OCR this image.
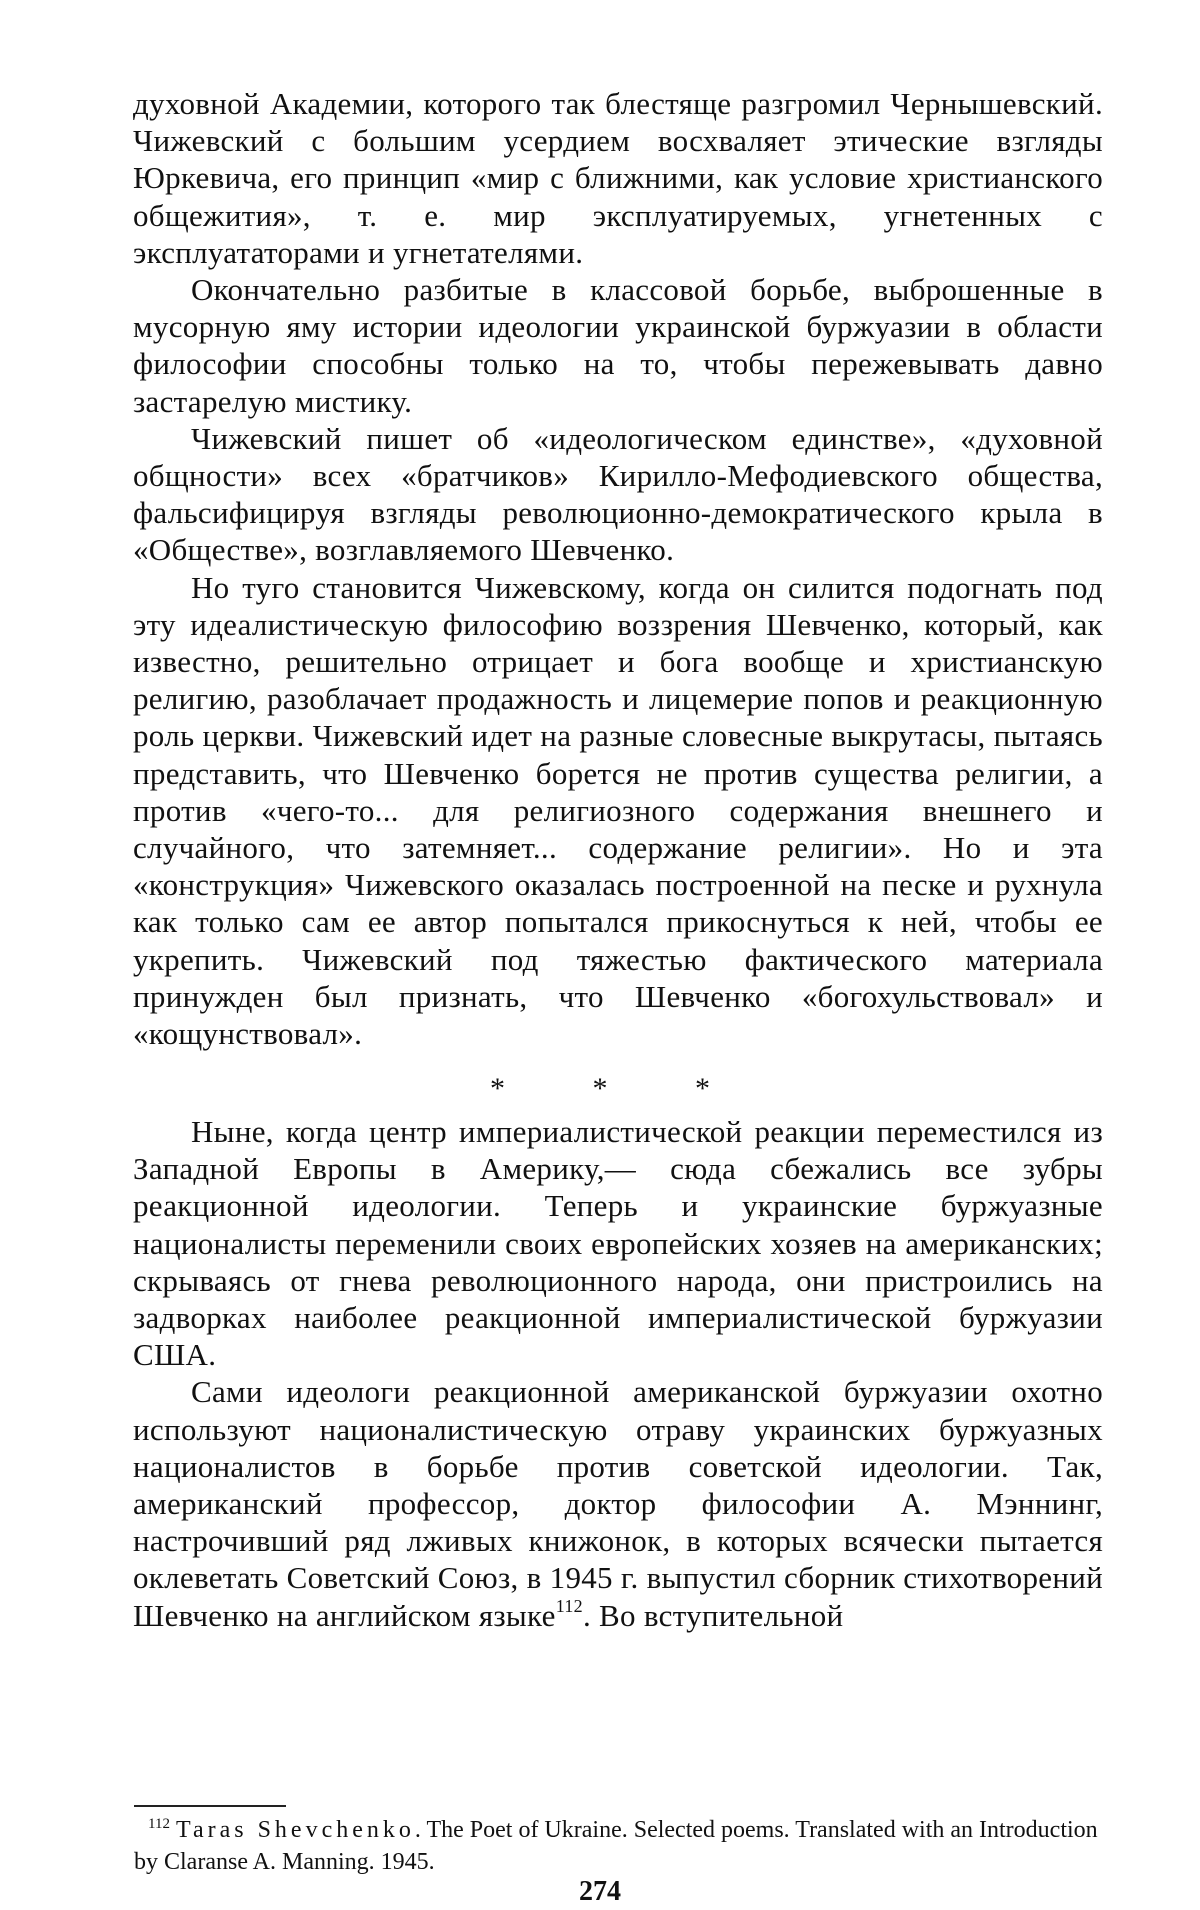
духовной Академии, которого так блестяще разгромил Чернышевский. Чижевский с большим усердием восхваляет этические взгляды Юркевича, его принцип «мир с ближними, как условие христианского общежития», т. е. мир эксплуатируемых, угнетенных с эксплуататорами и угнетателями.

Окончательно разбитые в классовой борьбе, выброшенные в мусорную яму истории идеологии украинской буржуазии в области философии способны только на то, чтобы пережевывать давно застарелую мистику.

Чижевский пишет об «идеологическом единстве», «духовной общности» всех «братчиков» Кирилло-Мефодиевского общества, фальсифицируя взгляды революционно-демократического крыла в «Обществе», возглавляемого Шевченко.

Но туго становится Чижевскому, когда он силится подогнать под эту идеалистическую философию воззрения Шевченко, который, как известно, решительно отрицает и бога вообще и христианскую религию, разоблачает продажность и лицемерие попов и реакционную роль церкви. Чижевский идет на разные словесные выкрутасы, пытаясь представить, что Шевченко борется не против существа религии, а против «чего-то... для религиозного содержания внешнего и случайного, что затемняет... содержание религии». Но и эта «конструкция» Чижевского оказалась построенной на песке и рухнула как только сам ее автор попытался прикоснуться к ней, чтобы ее укрепить. Чижевский под тяжестью фактического материала принужден был признать, что Шевченко «богохульствовал» и «кощунствовал».

* * *

Ныне, когда центр империалистической реакции переместился из Западной Европы в Америку,— сюда сбежались все зубры реакционной идеологии. Теперь и украинские буржуазные националисты переменили своих европейских хозяев на американских; скрываясь от гнева революционного народа, они пристроились на задворках наиболее реакционной империалистической буржуазии США.

Сами идеологи реакционной американской буржуазии охотно используют националистическую отраву украинских буржуазных националистов в борьбе против советской идеологии. Так, американский профессор, доктор философии А. Мэннинг, настрочивший ряд лживых книжонок, в которых всячески пытается оклеветать Советский Союз, в 1945 г. выпустил сборник стихотворений Шевченко на английском языке$^{112}$. Во вступительной

$^{112}$ Taras Shevchenko. The Poet of Ukraine. Selected poems. Translated with an Introduction by Claranse A. Manning. 1945.

274
